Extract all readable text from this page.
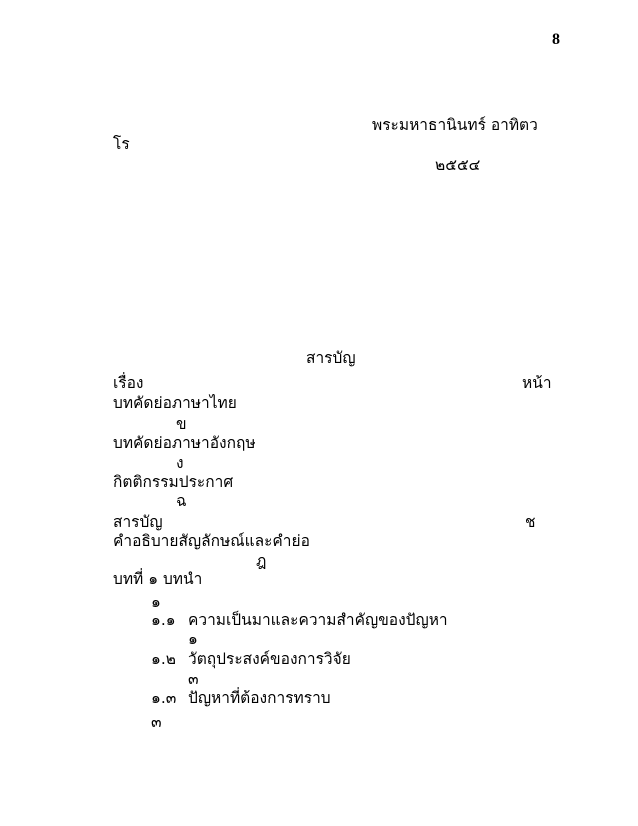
8
พระมหาธานินทร์ อาทิตว
โร
๒๕๕๔
สารบัญ
เรื่อง	หน้า
บทคัดย่อภาษาไทย
ข
บทคัดย่อภาษาอังกฤษ
ง
กิตติกรรมประกาศ
ฉ
สารบัญ	ช
คำอธิบายสัญลักษณ์และคำย่อ
ฎ
บทที่ ๑ บทนำ
๑
๑.๑ ความเป็นมาและความสำคัญของปัญหา
๑
๑.๒ วัตถุประสงค์ของการวิจัย
๓
๑.๓ ปัญหาที่ต้องการทราบ
๓
